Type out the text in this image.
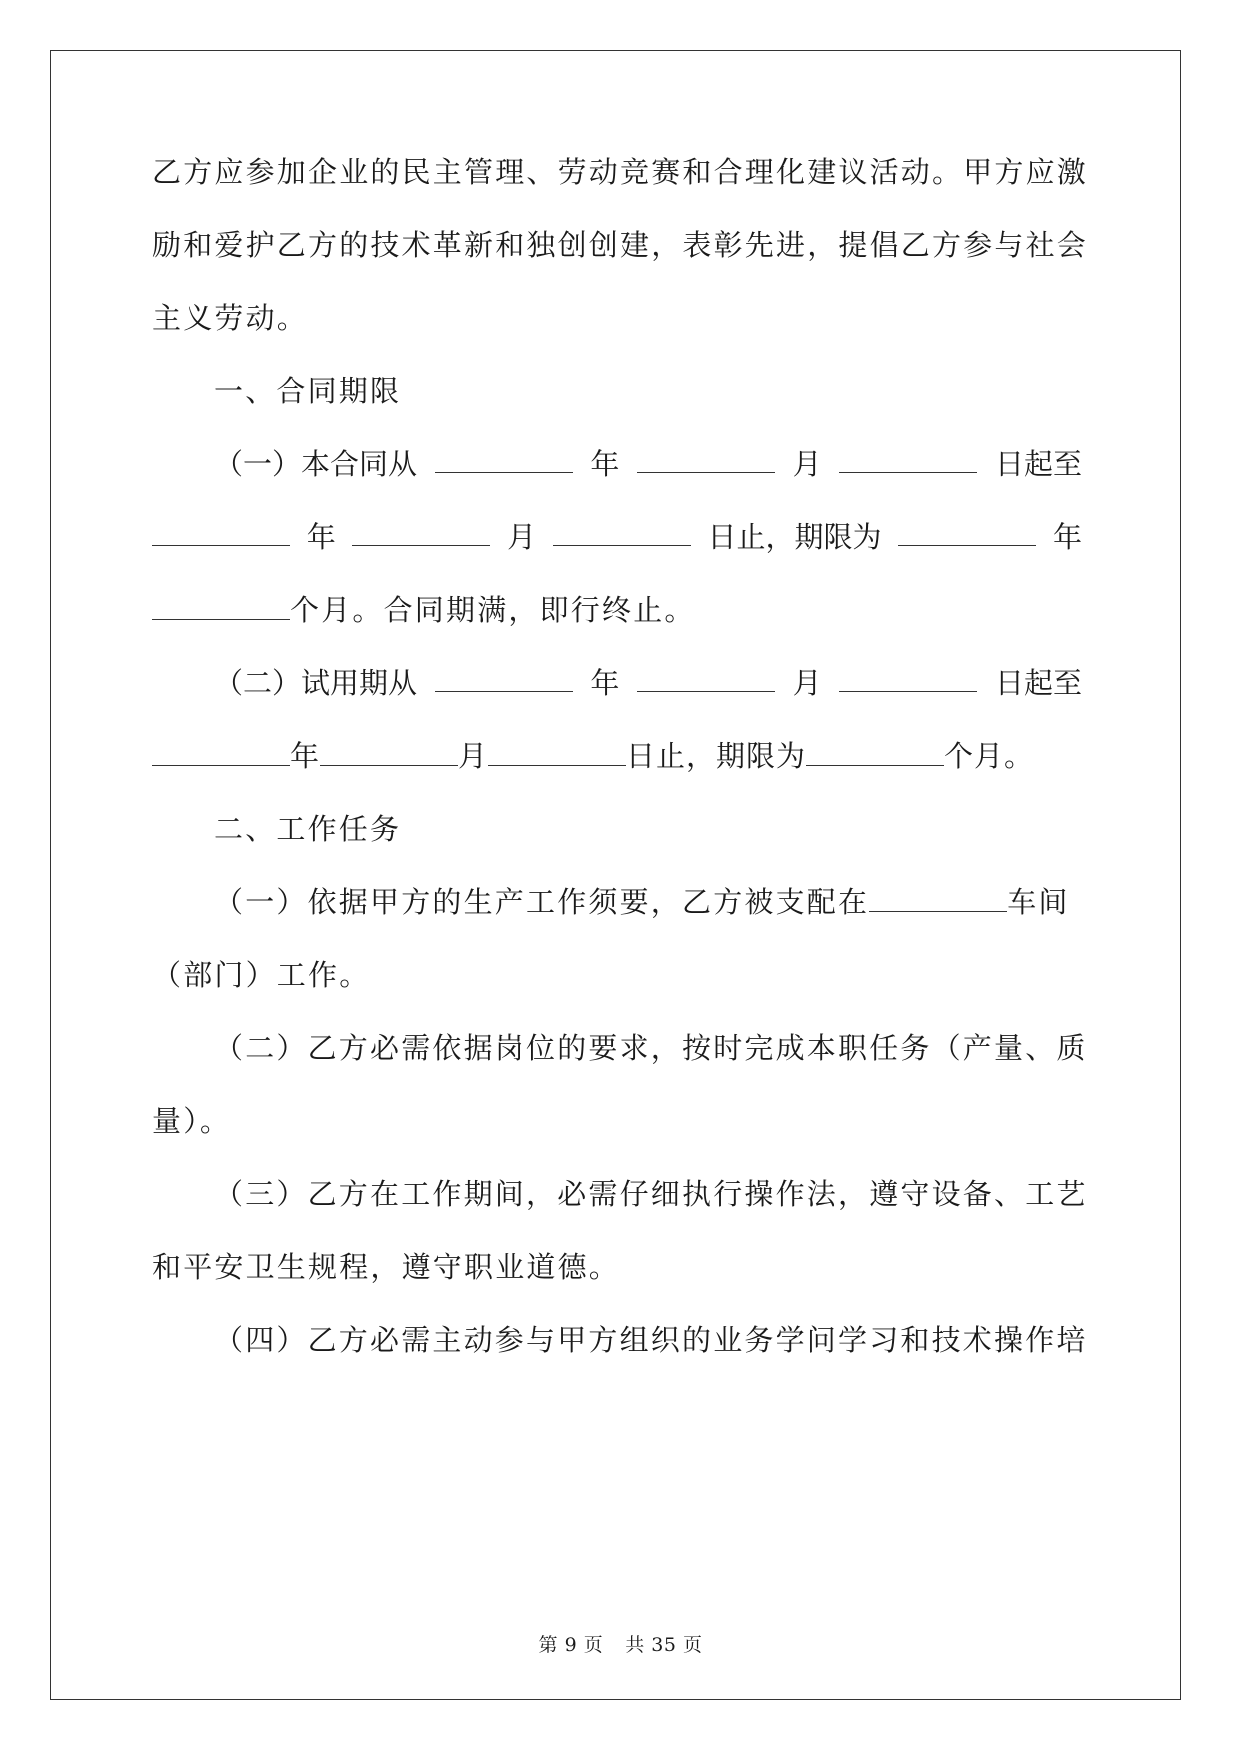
乙方应参加企业的民主管理、劳动竞赛和合理化建议活动。甲方应激
励和爱护乙方的技术革新和独创创建，表彰先进，提倡乙方参与社会
主义劳动。
一、合同期限
（一）本合同从	年	月	日起至
年	月	日止，期限为	年
个月。合同期满，即行终止。
（二）试用期从	年	月	日起至
年	月	日止，期限为	个月。
二、工作任务
（一）依据甲方的生产工作须要，乙方被支配在	车间
（部门）工作。
（二）乙方必需依据岗位的要求，按时完成本职任务（产量、质
量）。
（三）乙方在工作期间，必需仔细执行操作法，遵守设备、工艺
和平安卫生规程，遵守职业道德。
（四）乙方必需主动参与甲方组织的业务学问学习和技术操作培
第 9 页 共 35 页
